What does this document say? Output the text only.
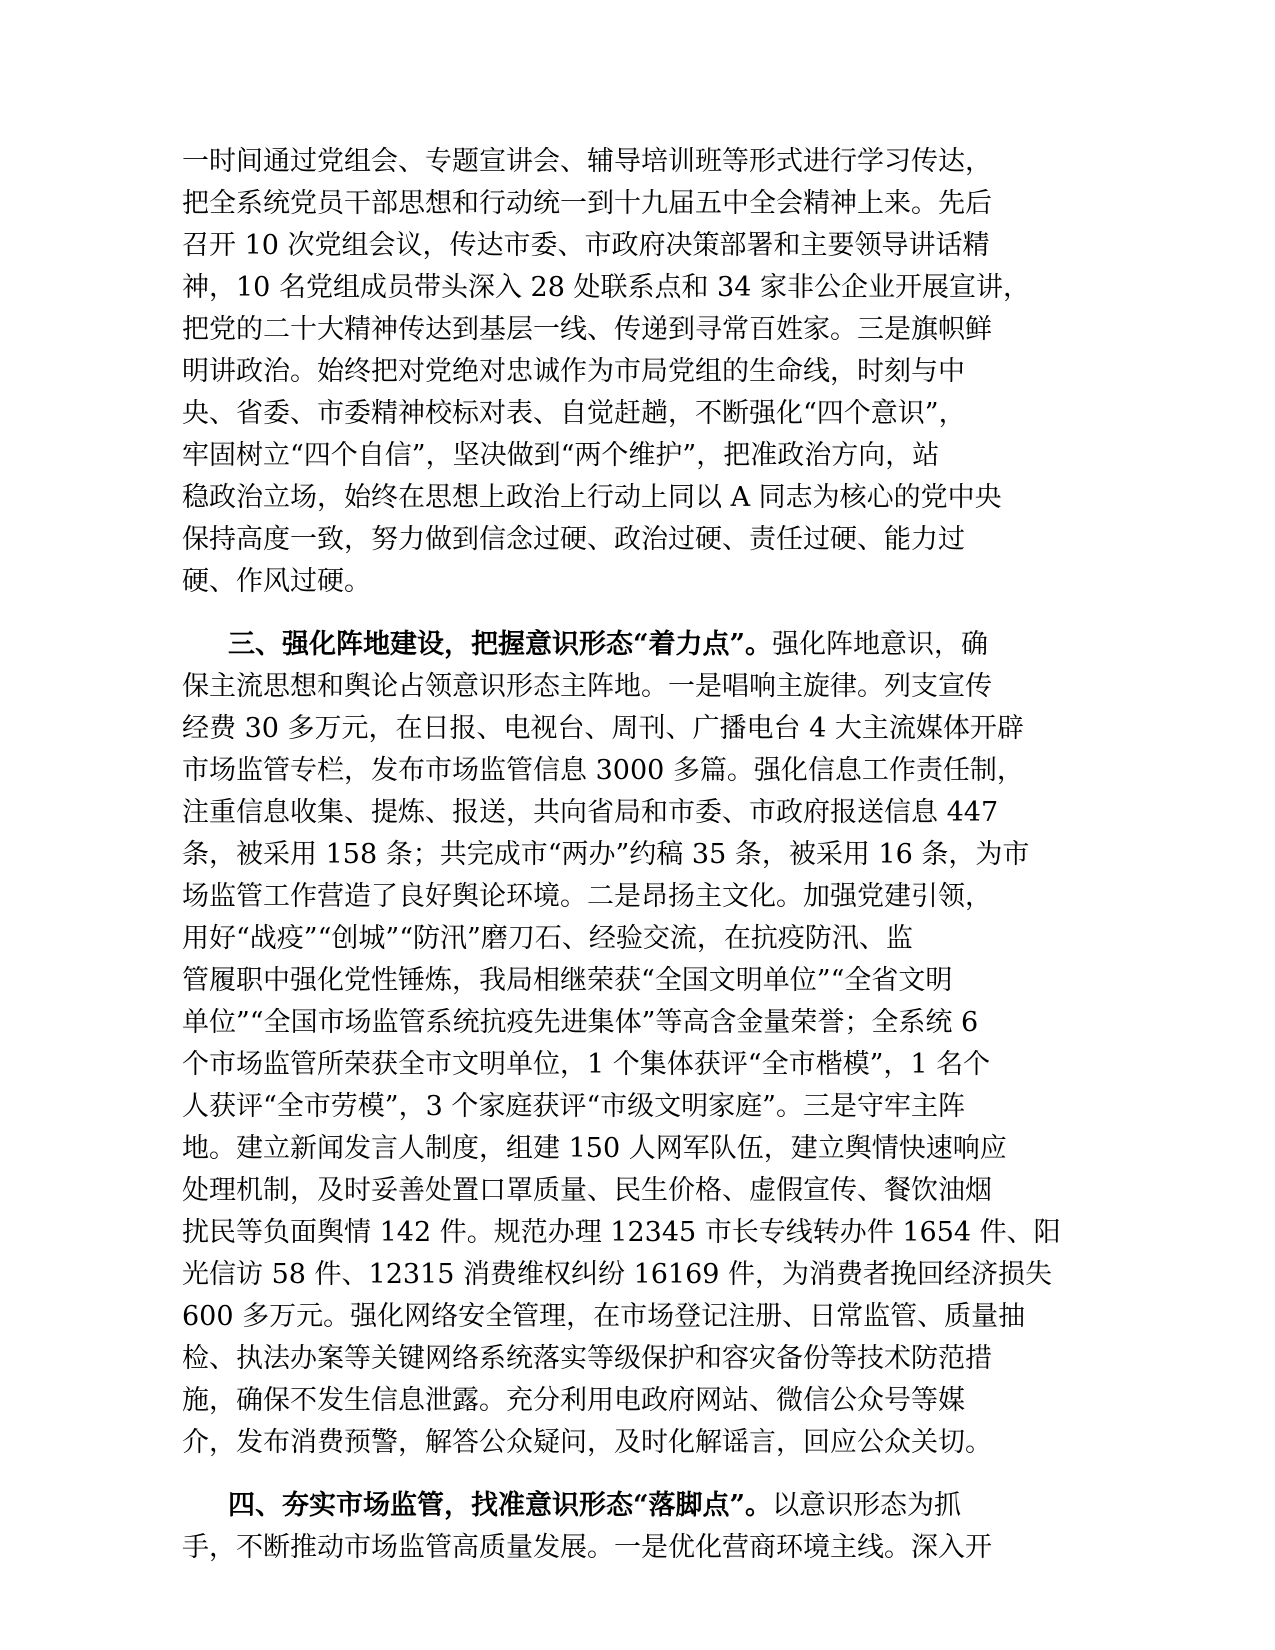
一时间通过党组会、专题宣讲会、辅导培训班等形式进行学习传达，
把全系统党员干部思想和行动统一到十九届五中全会精神上来。先后
召开 10 次党组会议，传达市委、市政府决策部署和主要领导讲话精
神，10 名党组成员带头深入 28 处联系点和 34 家非公企业开展宣讲，
把党的二十大精神传达到基层一线、传递到寻常百姓家。三是旗帜鲜
明讲政治。始终把对党绝对忠诚作为市局党组的生命线，时刻与中
央、省委、市委精神校标对表、自觉赶趟，不断强化“四个意识”，
牢固树立“四个自信”，坚决做到“两个维护”，把准政治方向，站
稳政治立场，始终在思想上政治上行动上同以 A 同志为核心的党中央
保持高度一致，努力做到信念过硬、政治过硬、责任过硬、能力过
硬、作风过硬。
三、强化阵地建设，把握意识形态“着力点”。强化阵地意识，确
保主流思想和舆论占领意识形态主阵地。一是唱响主旋律。列支宣传
经费 30 多万元，在日报、电视台、周刊、广播电台 4 大主流媒体开辟
市场监管专栏，发布市场监管信息 3000 多篇。强化信息工作责任制，
注重信息收集、提炼、报送，共向省局和市委、市政府报送信息 447
条，被采用 158 条；共完成市“两办”约稿 35 条，被采用 16 条，为市
场监管工作营造了良好舆论环境。二是昂扬主文化。加强党建引领，
用好“战疫”“创城”“防汛”磨刀石、经验交流，在抗疫防汛、监
管履职中强化党性锤炼，我局相继荣获“全国文明单位”“全省文明
单位”“全国市场监管系统抗疫先进集体”等高含金量荣誉；全系统 6
个市场监管所荣获全市文明单位，1 个集体获评“全市楷模”，1 名个
人获评“全市劳模”，3 个家庭获评“市级文明家庭”。三是守牢主阵
地。建立新闻发言人制度，组建 150 人网军队伍，建立舆情快速响应
处理机制，及时妥善处置口罩质量、民生价格、虚假宣传、餐饮油烟
扰民等负面舆情 142 件。规范办理 12345 市长专线转办件 1654 件、阳
光信访 58 件、12315 消费维权纠纷 16169 件，为消费者挽回经济损失
600 多万元。强化网络安全管理，在市场登记注册、日常监管、质量抽
检、执法办案等关键网络系统落实等级保护和容灾备份等技术防范措
施，确保不发生信息泄露。充分利用电政府网站、微信公众号等媒
介，发布消费预警，解答公众疑问，及时化解谣言，回应公众关切。
四、夯实市场监管，找准意识形态“落脚点”。以意识形态为抓
手，不断推动市场监管高质量发展。一是优化营商环境主线。深入开
